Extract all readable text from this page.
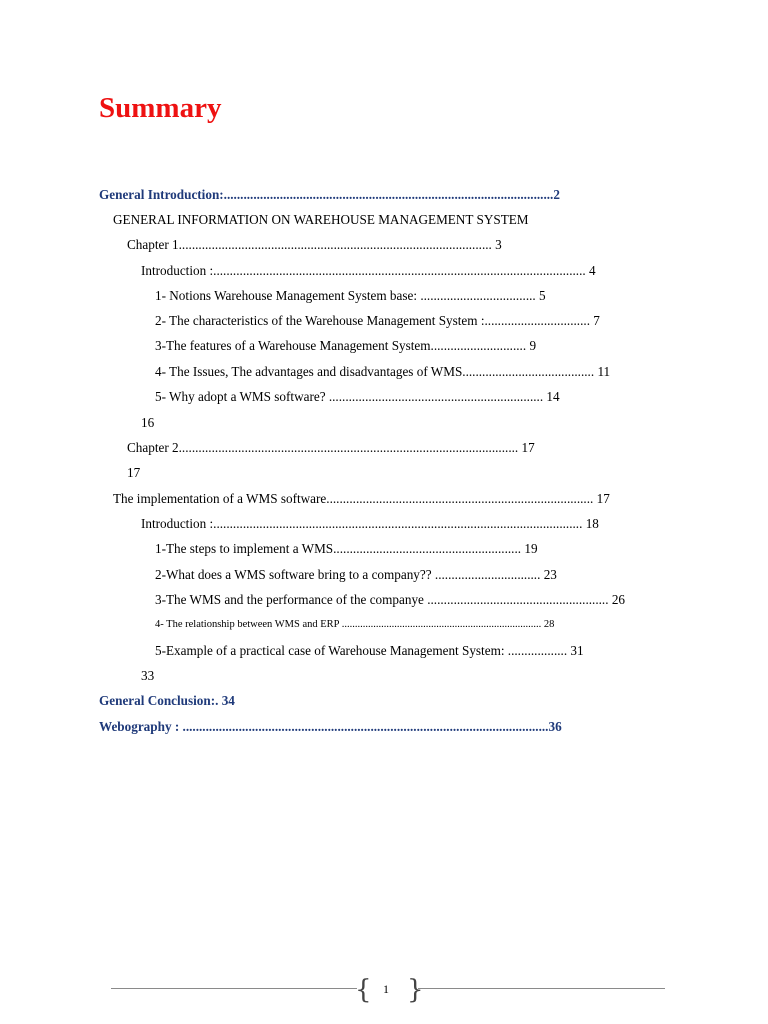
Summary
General Introduction:....................................................................................................2
GENERAL INFORMATION ON WAREHOUSE MANAGEMENT SYSTEM
Chapter 1............................................................................................... 3
Introduction :................................................................................................................. 4
1- Notions Warehouse Management System base: ................................... 5
2- The characteristics of the Warehouse Management System :................................ 7
3-The features of a Warehouse Management System............................. 9
4- The Issues, The advantages and disadvantages of WMS........................................ 11
5- Why adopt a WMS software? ................................................................. 14
16
Chapter 2....................................................................................................... 17
17
The implementation of a WMS software................................................................................. 17
Introduction :................................................................................................................ 18
1-The steps to implement a WMS......................................................... 19
2-What does a WMS software bring to a company?? ................................ 23
3-The WMS and the performance of the companye ....................................................... 26
4- The relationship between WMS and ERP ............................................................................ 28
5-Example of a practical case of Warehouse Management System: .................. 31
33
General Conclusion:. 34
Webography : ...............................................................................................................36
{ 1 }
